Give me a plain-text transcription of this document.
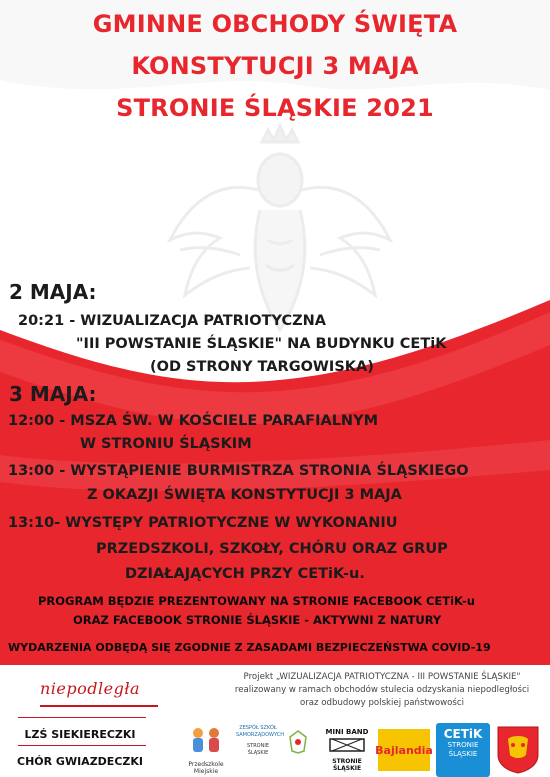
GMINNE OBCHODY ŚWIĘTA
KONSTYTUCJI 3 MAJA
STRONIE ŚLĄSKIE 2021
2 MAJA:
20:21 - WIZUALIZACJA PATRIOTYCZNA
"III POWSTANIE ŚLĄSKIE" NA BUDYNKU CETiK
(OD STRONY TARGOWISKA)
3 MAJA:
12:00 - MSZA ŚW. W KOŚCIELE PARAFIALNYM
W STRONIU ŚLĄSKIM
13:00 - WYSTĄPIENIE BURMISTRZA STRONIA ŚLĄSKIEGO
Z OKAZJI ŚWIĘTA KONSTYTUCJI 3 MAJA
13:10- WYSTĘPY PATRIOTYCZNE W WYKONANIU
PRZEDSZKOLI, SZKOŁY, CHÓRU ORAZ GRUP
DZIAŁAJĄCYCH PRZY CETiK-u.
PROGRAM BĘDZIE PREZENTOWANY NA STRONIE FACEBOOK CETiK-u
ORAZ FACEBOOK STRONIE ŚLĄSKIE - AKTYWNI Z NATURY
WYDARZENIA ODBĘDĄ SIĘ ZGODNIE Z ZASADAMI BEZPIECZEŃSTWA COVID-19
niepodległa
Projekt „WIZUALIZACJA PATRIOTYCZNA - III POWSTANIE ŚLĄSKIE"
realizowany w ramach obchodów stulecia odzyskania niepodległości
oraz odbudowy polskiej państwowości
LZŚ SIEKIERECZKI
CHÓR GWIAZDECZKI	Przedszkole
Miejskie
ZESPÓŁ SZKÓŁ
SAMORZĄDOWYCH
STRONIE ŚLĄSKIE
MINI BAND
STRONIE ŚLĄSKIE
Bajlandia
CETiK
STRONIE
ŚLĄSKIE
